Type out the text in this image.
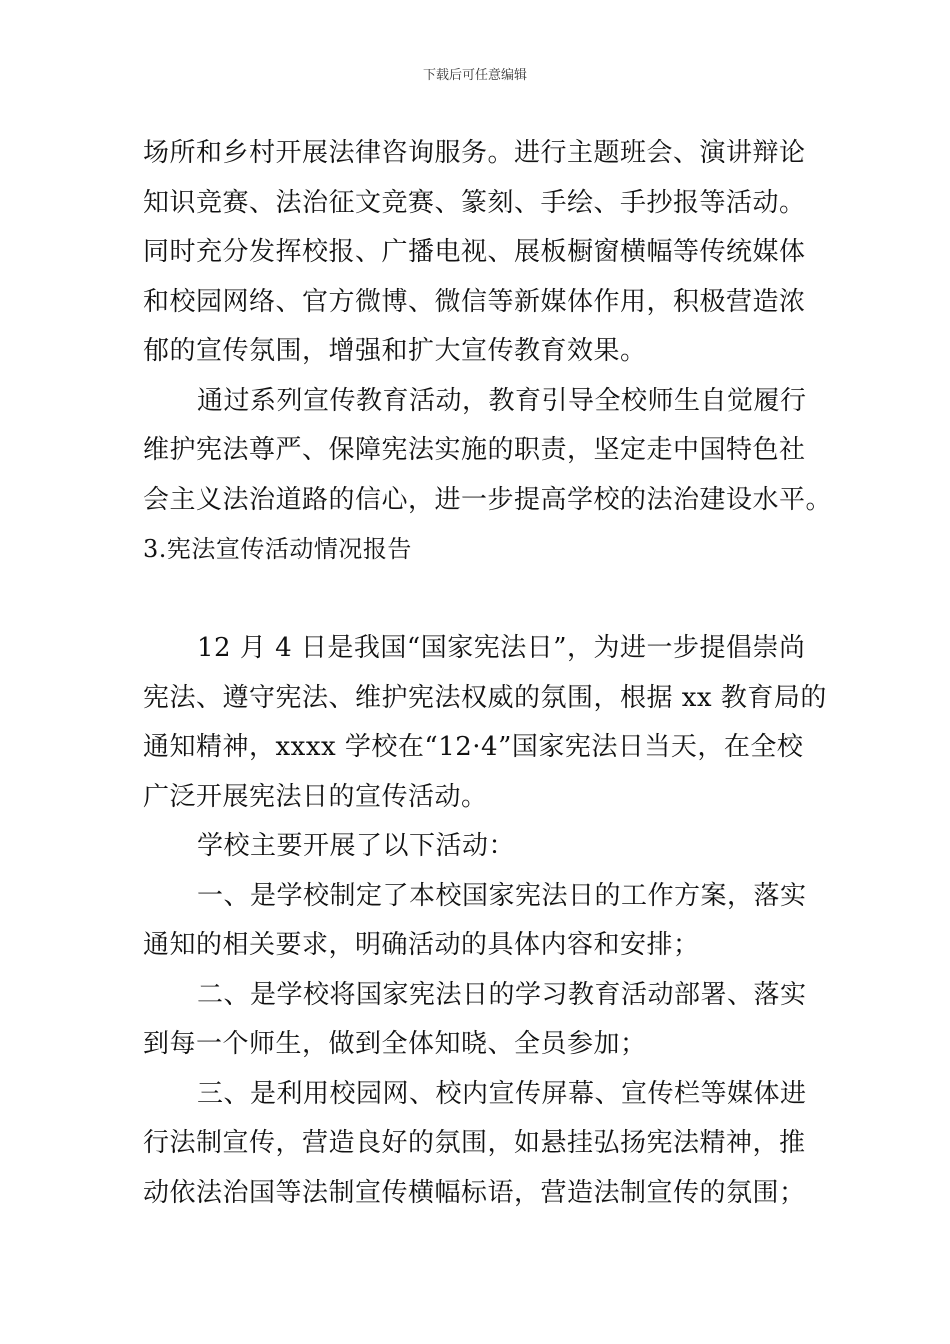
下载后可任意编辑
场所和乡村开展法律咨询服务。进行主题班会、演讲辩论
知识竞赛、法治征文竞赛、篆刻、手绘、手抄报等活动。
同时充分发挥校报、广播电视、展板橱窗横幅等传统媒体
和校园网络、官方微博、微信等新媒体作用，积极营造浓
郁的宣传氛围，增强和扩大宣传教育效果。
通过系列宣传教育活动，教育引导全校师生自觉履行
维护宪法尊严、保障宪法实施的职责，坚定走中国特色社
会主义法治道路的信心，进一步提高学校的法治建设水平。
3.宪法宣传活动情况报告
12 月 4 日是我国“国家宪法日”，为进一步提倡崇尚
宪法、遵守宪法、维护宪法权威的氛围，根据 xx 教育局的
通知精神，xxxx 学校在“12·4”国家宪法日当天，在全校
广泛开展宪法日的宣传活动。
学校主要开展了以下活动：
一、是学校制定了本校国家宪法日的工作方案，落实
通知的相关要求，明确活动的具体内容和安排；
二、是学校将国家宪法日的学习教育活动部署、落实
到每一个师生，做到全体知晓、全员参加；
三、是利用校园网、校内宣传屏幕、宣传栏等媒体进
行法制宣传，营造良好的氛围，如悬挂弘扬宪法精神，推
动依法治国等法制宣传横幅标语，营造法制宣传的氛围；
